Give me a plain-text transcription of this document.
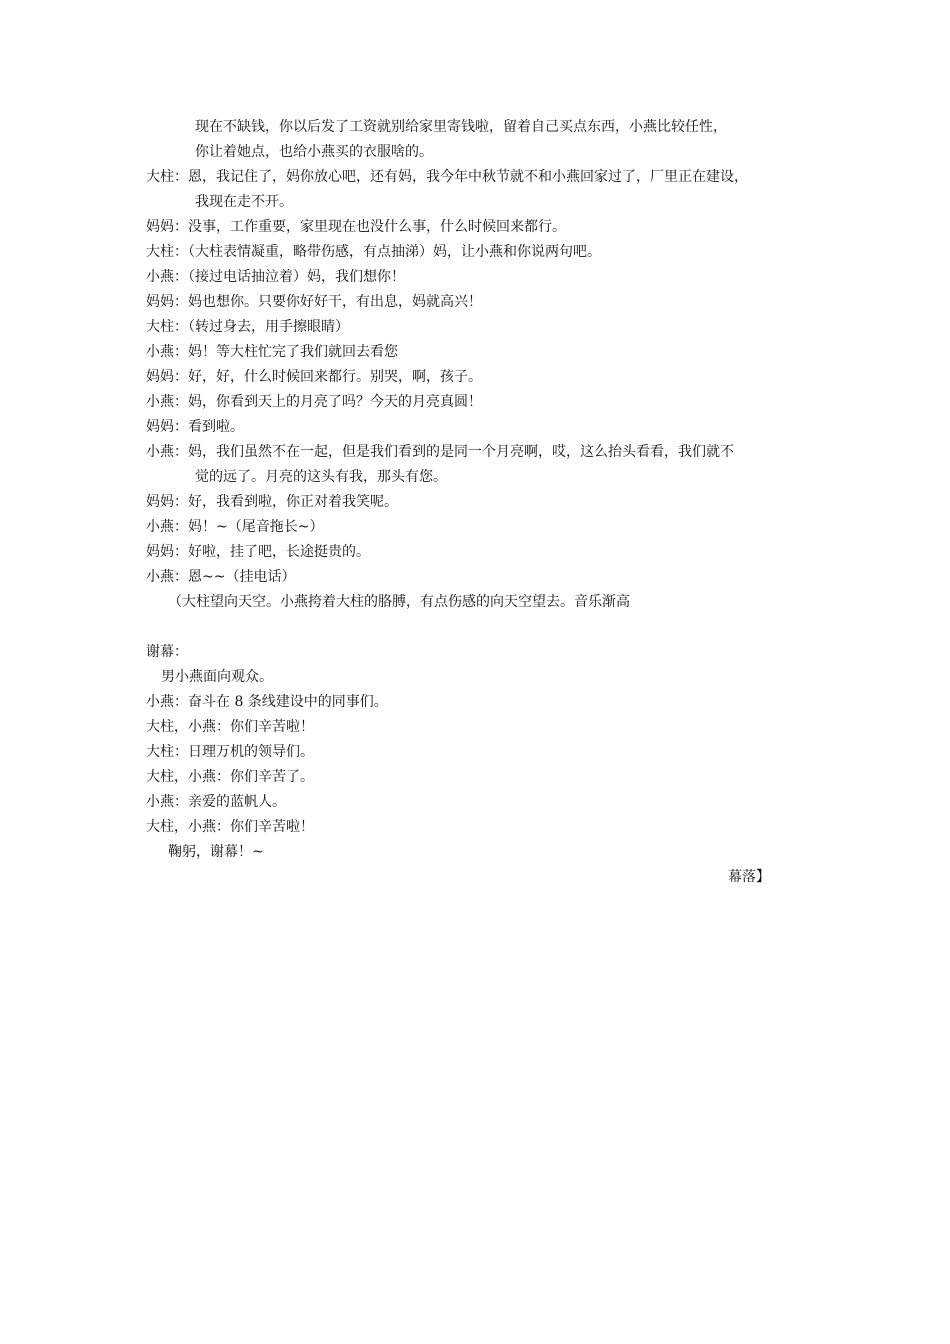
现在不缺钱，你以后发了工资就别给家里寄钱啦，留着自己买点东西，小燕比较任性，
你让着她点，也给小燕买的衣服啥的。
大柱：恩，我记住了，妈你放心吧，还有妈，我今年中秋节就不和小燕回家过了，厂里正在建设，
我现在走不开。
妈妈：没事，工作重要，家里现在也没什么事，什么时候回来都行。
大柱：（大柱表情凝重，略带伤感，有点抽涕）妈，让小燕和你说两句吧。
小燕：（接过电话抽泣着）妈，我们想你！
妈妈：妈也想你。只要你好好干，有出息，妈就高兴！
大柱：（转过身去，用手擦眼睛）
小燕：妈！等大柱忙完了我们就回去看您
妈妈：好，好，什么时候回来都行。别哭，啊，孩子。
小燕：妈，你看到天上的月亮了吗？今天的月亮真圆！
妈妈：看到啦。
小燕：妈，我们虽然不在一起，但是我们看到的是同一个月亮啊，哎，这么抬头看看，我们就不
觉的远了。月亮的这头有我，那头有您。
妈妈：好，我看到啦，你正对着我笑呢。
小燕：妈！~（尾音拖长~）
妈妈：好啦，挂了吧，长途挺贵的。
小燕：恩~~（挂电话）
（大柱望向天空。小燕挎着大柱的胳膊，有点伤感的向天空望去。音乐渐高
谢幕：
男小燕面向观众。
小燕：奋斗在 8 条线建设中的同事们。
大柱，小燕：你们辛苦啦！
大柱：日理万机的领导们。
大柱，小燕：你们辛苦了。
小燕：亲爱的蓝帆人。
大柱，小燕：你们辛苦啦！
鞠躬，谢幕！~
幕落】
